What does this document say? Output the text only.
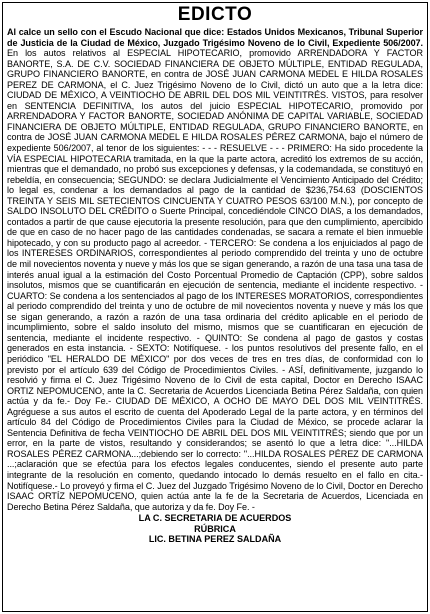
EDICTO

Al calce un sello con el Escudo Nacional que dice: Estados Unidos Mexicanos, Tribunal Superior de Justicia de la Ciudad de México, Juzgado Trigésimo Noveno de lo Civil, Expediente 506/2007. En los autos relativos al ESPECIAL HIPOTECARIO, promovido ARRENDADORA Y FACTOR BANORTE, S.A. DE C.V. SOCIEDAD FINANCIERA DE OBJETO MÚLTIPLE, ENTIDAD REGULADA, GRUPO FINANCIERO BANORTE, en contra de JOSÉ JUAN CARMONA MEDEL E HILDA ROSALES PEREZ DE CARMONA, el C. Juez Trigésimo Noveno de lo Civil, dictó un auto que a la letra dice: CIUDAD DE MÉXICO, A VEINTIOCHO DE ABRIL DEL DOS MIL VEINTITRÉS. VISTOS, para resolver en SENTENCIA DEFINITIVA, los autos del juicio ESPECIAL HIPOTECARIO, promovido por ARRENDADORA Y FACTOR BANORTE, SOCIEDAD ANÓNIMA DE CAPITAL VARIABLE, SOCIEDAD FINANCIERA DE OBJETO MÚLTIPLE, ENTIDAD REGULADA, GRUPO FINANCIERO BANORTE, en contra de JOSÉ JUAN CARMONA MEDEL E HILDA ROSALES PÉREZ CARMONA, bajo el número de expediente 506/2007, al tenor de los siguientes: - - - RESUELVE - - - PRIMERO: Ha sido procedente la VÍA ESPECIAL HIPOTECARIA tramitada, en la que la parte actora, acreditó los extremos de su acción, mientras que el demandado, no probó sus excepciones y defensas, y la codemandada, se constituyó en rebeldía, en consecuencia; SEGUNDO: se declara Judicialmente el Vencimiento Anticipado del Crédito; lo legal es, condenar a los demandados al pago de la cantidad de $236,754.63 (DOSCIENTOS TREINTA Y SEIS MIL SETECIENTOS CINCUENTA Y CUATRO PESOS 63/100 M.N.), por concepto de SALDO INSOLUTO DEL CRÉDITO o Suerte Principal, concediéndole CINCO DIAS, a los demandados, contados a partir de que cause ejecutoria la presente resolución, para que den cumplimiento, apercibido de que en caso de no hacer pago de las cantidades condenadas, se sacara a remate el bien inmueble hipotecado, y con su producto pago al acreedor. - TERCERO: Se condena a los enjuiciados al pago de los INTERESES ORDINARIOS, correspondientes al periodo comprendido del treinta y uno de octubre de mil novecientos noventa y nueve y más los que se sigan generando, a razón de una tasa una tasa de interés anual igual a la estimación del Costo Porcentual Promedio de Captación (CPP), sobre saldos insolutos, mismos que se cuantificarán en ejecución de sentencia, mediante el incidente respectivo. - CUARTO: Se condena a los sentenciados al pago de los INTERESES MORATORIOS, correspondientes al periodo comprendido del treinta y uno de octubre de mil novecientos noventa y nueve y más los que se sigan generando, a razón a razón de una tasa ordinaria del crédito aplicable en el periodo de incumplimiento, sobre el saldo insoluto del mismo, mismos que se cuantificaran en ejecución de sentencia, mediante el incidente respectivo. - QUINTO: Se condena al pago de gastos y costas generados en esta instancia. - SEXTO: Notifíquese. - los puntos resolutivos del presente fallo, en el periódico "EL HERALDO DE MÉXICO" por dos veces de tres en tres días, de conformidad con lo previsto por el artículo 639 del Código de Procedimientos Civiles. - ASÍ, definitivamente, juzgando lo resolvió y firma el C. Juez Trigésimo Noveno de lo Civil de esta capital, Doctor en Derecho ISAAC ORTIZ NEPOMUCENO, ante la C. Secretaria de Acuerdos Licenciada Betina Pérez Saldaña, con quien actúa y da fe.- Doy Fe.- CIUDAD DE MÉXICO, A OCHO DE MAYO DEL DOS MIL VEINTITRÉS. Agréguese a sus autos el escrito de cuenta del Apoderado Legal de la parte actora, y en términos del artículo 84 del Código de Procedimientos Civiles para la Ciudad de México, se procede aclarar la Sentencia Definitiva de fecha VEINTIOCHO DE ABRIL DEL DOS MIL VEINTITRÉS; siendo que por un error, en la parte de vistos, resultando y considerandos; se asentó lo que a letra dice: "...HILDA ROSALES PÉREZ CARMONA...;debiendo ser lo correcto: "...HILDA ROSALES PÉREZ DE CARMONA ...;aclaración que se efectúa para los efectos legales conducentes, siendo el presente auto parte integrante de la resolución en comento, quedando intocado lo demás resuelto en el fallo en cita.- Notifíquese.- Lo proveyó y firma el C. Juez del Juzgado Trigésimo Noveno de lo Civil, Doctor en Derecho ISAAC ORTÍZ NEPOMUCENO, quien actúa ante la fe de la Secretaria de Acuerdos, Licenciada en Derecho Betina Pérez Saldaña, que autoriza y da fe. Doy Fe. -

LA C. SECRETARIA DE ACUERDOS
RÚBRICA
LIC. BETINA PEREZ SALDAÑA
